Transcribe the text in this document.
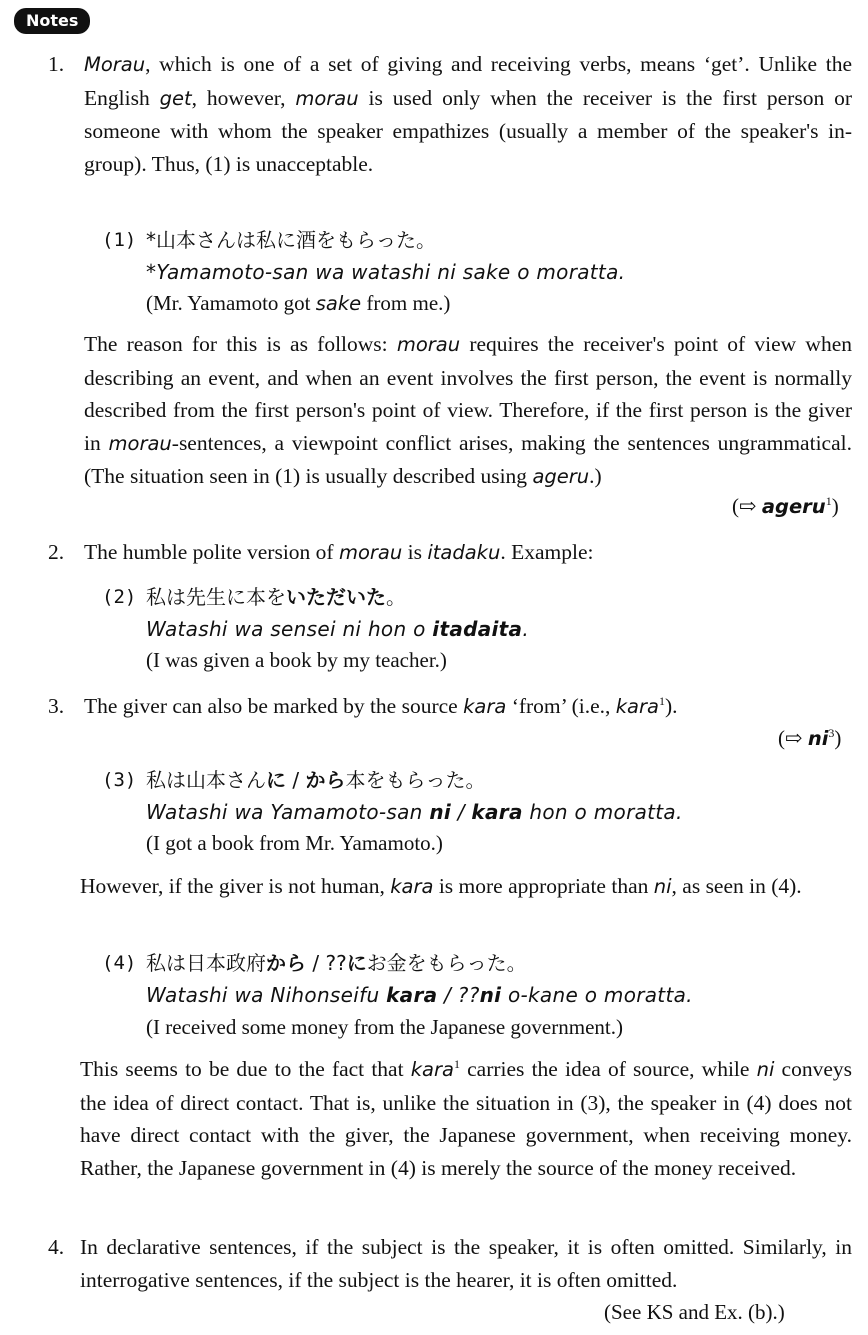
Notes
1. Morau, which is one of a set of giving and receiving verbs, means ‘get’. Unlike the English get, however, morau is used only when the receiver is the first person or someone with whom the speaker empathizes (usually a member of the speaker's in-group). Thus, (1) is unacceptable.
(1) *山本さんは私に酒をもらった。
*Yamamoto-san wa watashi ni sake o moratta.
(Mr. Yamamoto got sake from me.)
The reason for this is as follows: morau requires the receiver's point of view when describing an event, and when an event involves the first person, the event is normally described from the first person's point of view. Therefore, if the first person is the giver in morau-sentences, a viewpoint conflict arises, making the sentences ungrammatical. (The situation seen in (1) is usually described using ageru.)
(⇨ ageru$^1$)
2. The humble polite version of morau is itadaku. Example:
(2) 私は先生に本をいただいた。
Watashi wa sensei ni hon o itadaita.
(I was given a book by my teacher.)
3. The giver can also be marked by the source kara ‘from’ (i.e., kara$^1$).
(⇨ $ni^3$)
(3) 私は山本さんに / から本をもらった。
Watashi wa Yamamoto-san ni / kara hon o moratta.
(I got a book from Mr. Yamamoto.)
However, if the giver is not human, kara is more appropriate than ni, as seen in (4).
(4) 私は日本政府から / ??にお金をもらった。
Watashi wa Nihonseifu kara / ??ni o-kane o moratta.
(I received some money from the Japanese government.)
This seems to be due to the fact that kara$^1$ carries the idea of source, while ni conveys the idea of direct contact. That is, unlike the situation in (3), the speaker in (4) does not have direct contact with the giver, the Japanese government, when receiving money. Rather, the Japanese government in (4) is merely the source of the money received.
4. In declarative sentences, if the subject is the speaker, it is often omitted. Similarly, in interrogative sentences, if the subject is the hearer, it is often omitted.
(See KS and Ex. (b).)
